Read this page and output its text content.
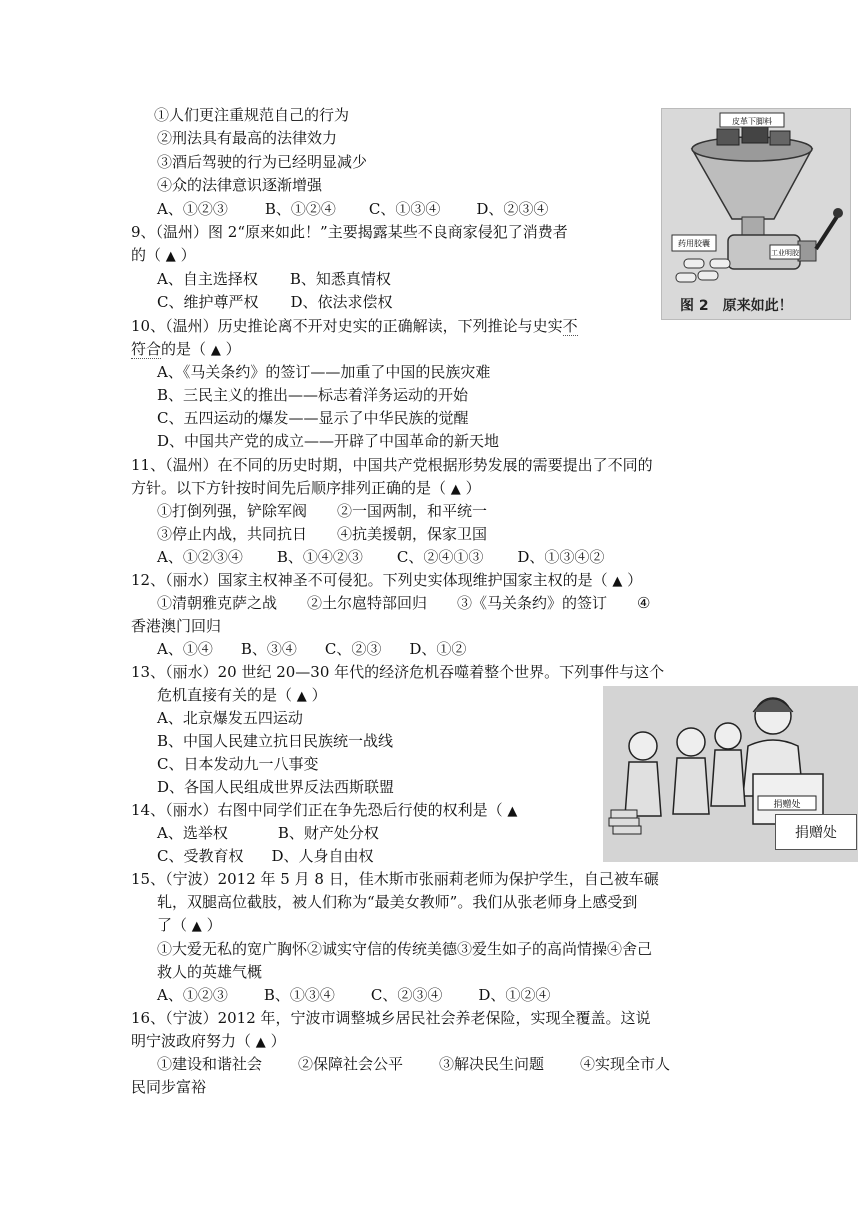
①人们更注重规范自己的行为
②刑法具有最高的法律效力
③酒后驾驶的行为已经明显减少
④众的法律意识逐渐增强
A、①②③ B、①②④ C、①③④ D、②③④
9、（温州）图 2“原来如此！”主要揭露某些不良商家侵犯了消费者
的（ ▲ ）
A、自主选择权 B、知悉真情权
C、维护尊严权 D、依法求偿权
皮革下脚料
药用胶囊
工业明胶
图 2　原来如此！
10、（温州）历史推论离不开对史实的正确解读，下列推论与史实不
符合的是（ ▲ ）
A、《马关条约》的签订——加重了中国的民族灾难
B、三民主义的推出——标志着洋务运动的开始
C、五四运动的爆发——显示了中华民族的觉醒
D、中国共产党的成立——开辟了中国革命的新天地
11、（温州）在不同的历史时期，中国共产党根据形势发展的需要提出了不同的
方针。以下方针按时间先后顺序排列正确的是（ ▲ ）
①打倒列强，铲除军阀 ②一国两制，和平统一
③停止内战，共同抗日 ④抗美援朝，保家卫国
A、①②③④ B、①④②③ C、②④①③ D、①③④②
12、（丽水）国家主权神圣不可侵犯。下列史实体现维护国家主权的是（ ▲ ）
①清朝雅克萨之战 ②土尔扈特部回归 ③《马关条约》的签订 ④
香港澳门回归
A、①④ B、③④ C、②③ D、①②
13、（丽水）20 世纪 20—30 年代的经济危机吞噬着整个世界。下列事件与这个
危机直接有关的是（ ▲ ）
A、北京爆发五四运动
B、中国人民建立抗日民族统一战线
C、日本发动九一八事变
D、各国人民组成世界反法西斯联盟
捐赠处
捐赠处
14、（丽水）右图中同学们正在争先恐后行使的权利是（ ▲
A、选举权	B、财产处分权
C、受教育权 D、人身自由权
15、（宁波）2012 年 5 月 8 日，佳木斯市张丽莉老师为保护学生，自己被车碾
轧，双腿高位截肢，被人们称为“最美女教师”。我们从张老师身上感受到
了（ ▲ ）
①大爱无私的宽广胸怀②诚实守信的传统美德③爱生如子的高尚情操④舍己
救人的英雄气概
A、①②③ B、①③④ C、②③④ D、①②④
16、（宁波）2012 年，宁波市调整城乡居民社会养老保险，实现全覆盖。这说
明宁波政府努力（ ▲ ）
①建设和谐社会 ②保障社会公平 ③解决民生问题 ④实现全市人
民同步富裕
